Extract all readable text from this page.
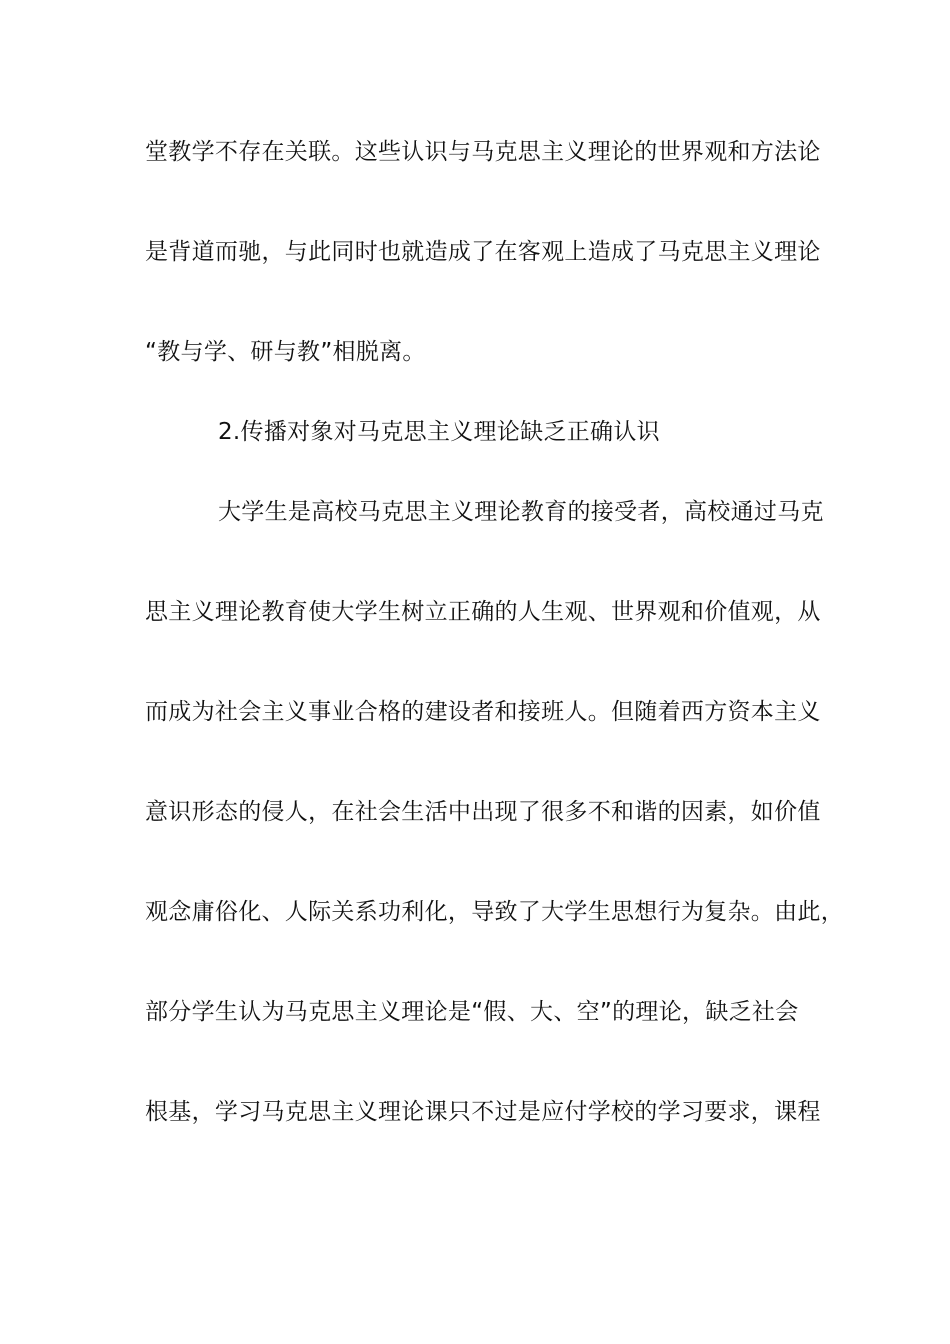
堂教学不存在关联。这些认识与马克思主义理论的世界观和方法论
是背道而驰，与此同时也就造成了在客观上造成了马克思主义理论
“教与学、研与教”相脱离。
2.传播对象对马克思主义理论缺乏正确认识
大学生是高校马克思主义理论教育的接受者，高校通过马克
思主义理论教育使大学生树立正确的人生观、世界观和价值观，从
而成为社会主义事业合格的建设者和接班人。但随着西方资本主义
意识形态的侵人，在社会生活中出现了很多不和谐的因素，如价值
观念庸俗化、人际关系功利化，导致了大学生思想行为复杂。由此，
部分学生认为马克思主义理论是“假、大、空”的理论，缺乏社会
根基，学习马克思主义理论课只不过是应付学校的学习要求，课程
